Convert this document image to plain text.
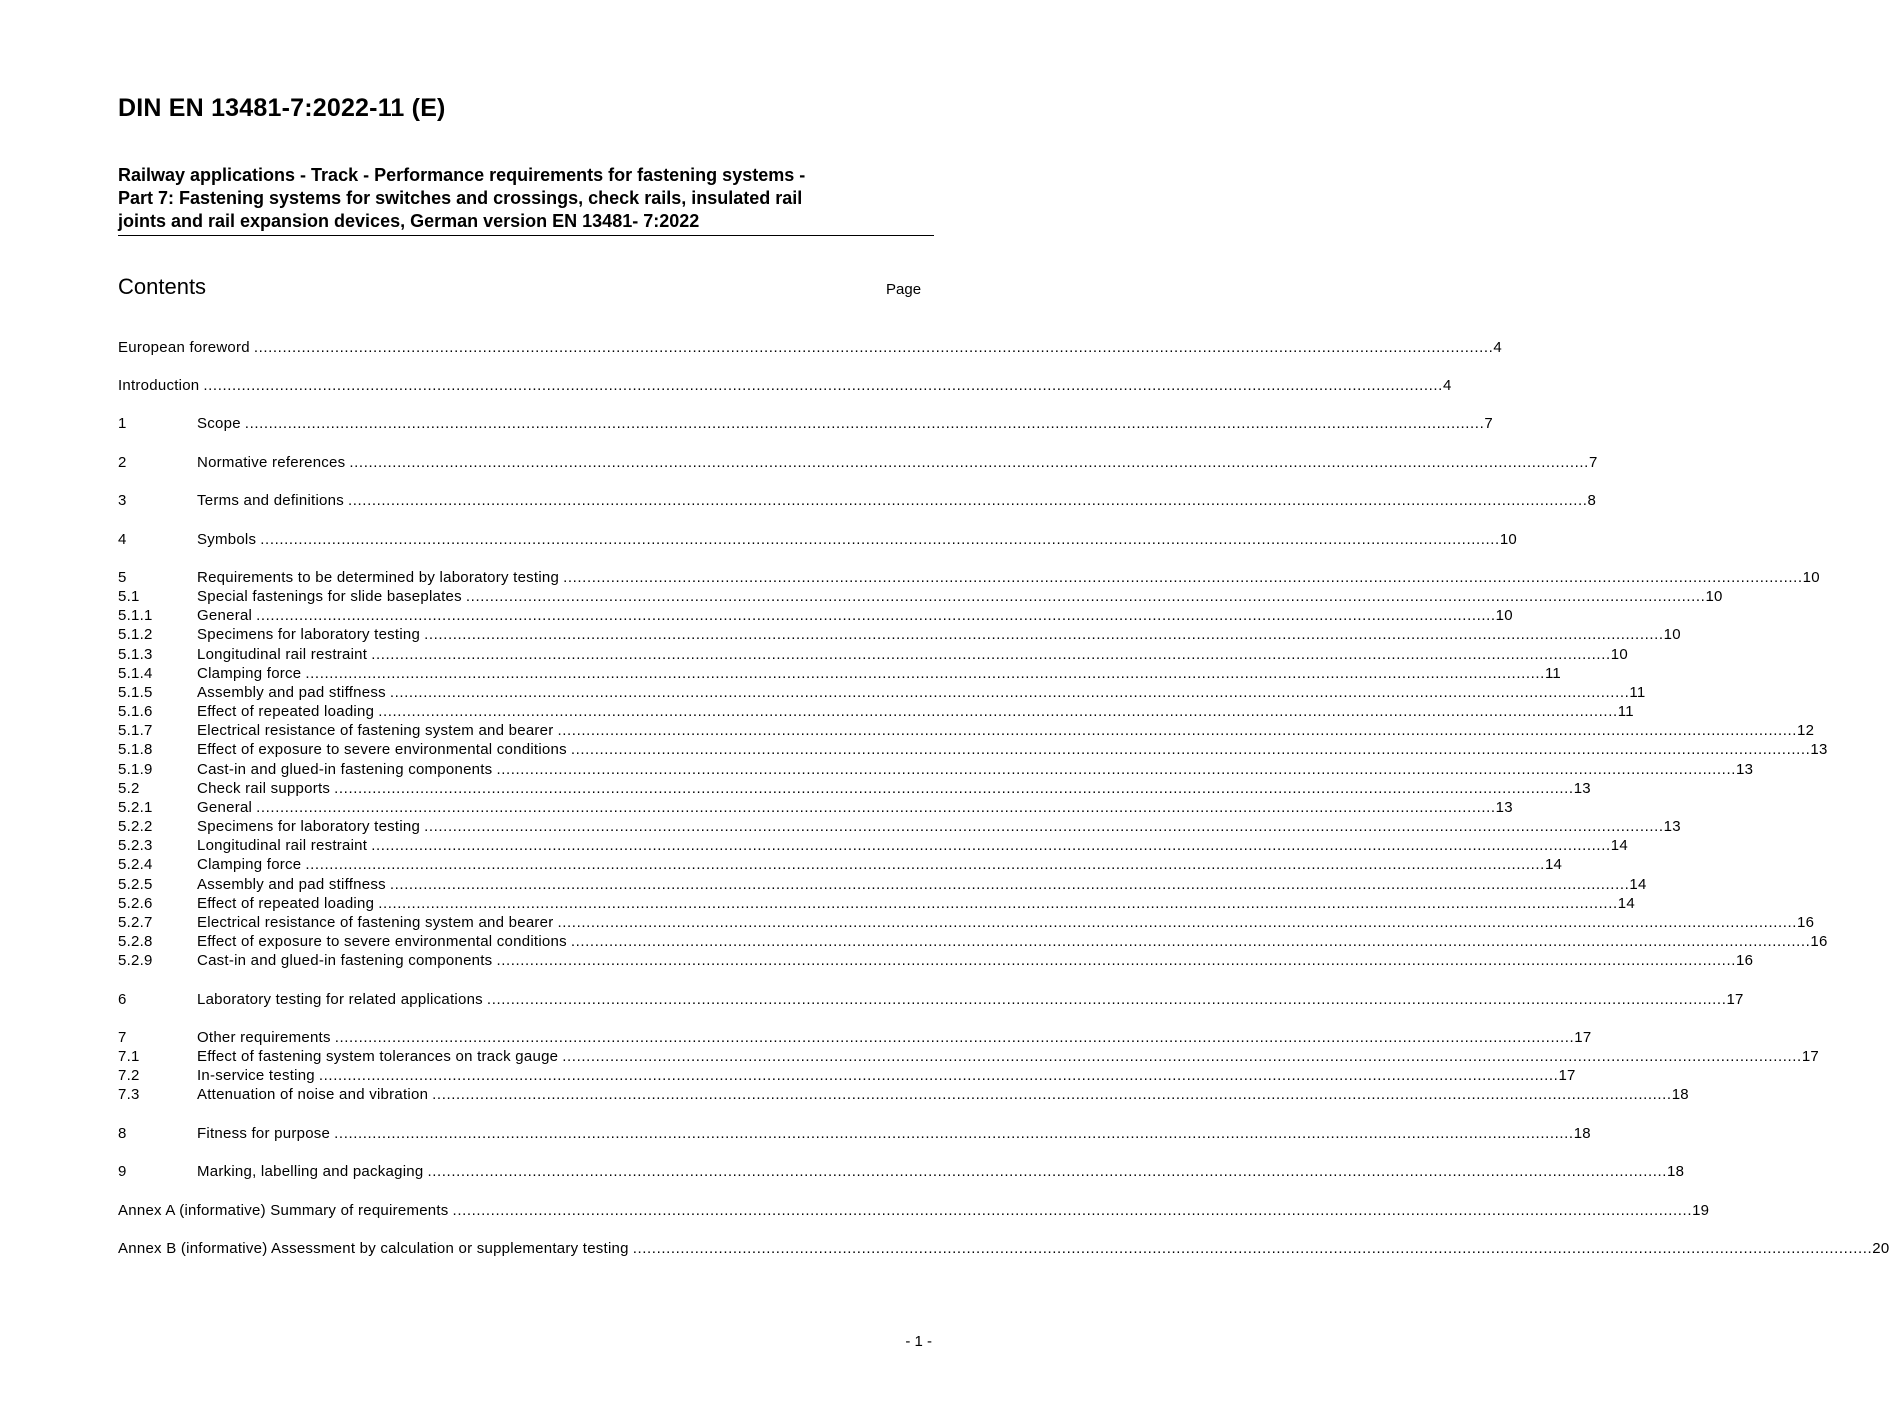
DIN EN 13481-7:2022-11 (E)
Railway applications - Track - Performance requirements for fastening systems -
Part 7: Fastening systems for switches and crossings, check rails, insulated rail
joints and rail expansion devices, German version EN 13481- 7:2022
Contents	Page
European foreword .................................................................................................................................................................................................................................................................... 4
Introduction .................................................................................................................................................................................................................................................................... 4
1	Scope .................................................................................................................................................................................................................................................................... 7
2	Normative references .................................................................................................................................................................................................................................................................... 7
3	Terms and definitions .................................................................................................................................................................................................................................................................... 8
4	Symbols .................................................................................................................................................................................................................................................................... 10
5	Requirements to be determined by laboratory testing .................................................................................................................................................................................................................................................................... 10
5.1	Special fastenings for slide baseplates .................................................................................................................................................................................................................................................................... 10
5.1.1	General .................................................................................................................................................................................................................................................................... 10
5.1.2	Specimens for laboratory testing .................................................................................................................................................................................................................................................................... 10
5.1.3	Longitudinal rail restraint .................................................................................................................................................................................................................................................................... 10
5.1.4	Clamping force .................................................................................................................................................................................................................................................................... 11
5.1.5	Assembly and pad stiffness .................................................................................................................................................................................................................................................................... 11
5.1.6	Effect of repeated loading .................................................................................................................................................................................................................................................................... 11
5.1.7	Electrical resistance of fastening system and bearer .................................................................................................................................................................................................................................................................... 12
5.1.8	Effect of exposure to severe environmental conditions .................................................................................................................................................................................................................................................................... 13
5.1.9	Cast-in and glued-in fastening components .................................................................................................................................................................................................................................................................... 13
5.2	Check rail supports .................................................................................................................................................................................................................................................................... 13
5.2.1	General .................................................................................................................................................................................................................................................................... 13
5.2.2	Specimens for laboratory testing .................................................................................................................................................................................................................................................................... 13
5.2.3	Longitudinal rail restraint .................................................................................................................................................................................................................................................................... 14
5.2.4	Clamping force .................................................................................................................................................................................................................................................................... 14
5.2.5	Assembly and pad stiffness .................................................................................................................................................................................................................................................................... 14
5.2.6	Effect of repeated loading .................................................................................................................................................................................................................................................................... 14
5.2.7	Electrical resistance of fastening system and bearer .................................................................................................................................................................................................................................................................... 16
5.2.8	Effect of exposure to severe environmental conditions .................................................................................................................................................................................................................................................................... 16
5.2.9	Cast-in and glued-in fastening components .................................................................................................................................................................................................................................................................... 16
6	Laboratory testing for related applications .................................................................................................................................................................................................................................................................... 17
7	Other requirements .................................................................................................................................................................................................................................................................... 17
7.1	Effect of fastening system tolerances on track gauge .................................................................................................................................................................................................................................................................... 17
7.2	In-service testing .................................................................................................................................................................................................................................................................... 17
7.3	Attenuation of noise and vibration .................................................................................................................................................................................................................................................................... 18
8	Fitness for purpose .................................................................................................................................................................................................................................................................... 18
9	Marking, labelling and packaging .................................................................................................................................................................................................................................................................... 18
Annex A (informative) Summary of requirements .................................................................................................................................................................................................................................................................... 19
Annex B (informative) Assessment by calculation or supplementary testing .................................................................................................................................................................................................................................................................... 20
- 1 -
